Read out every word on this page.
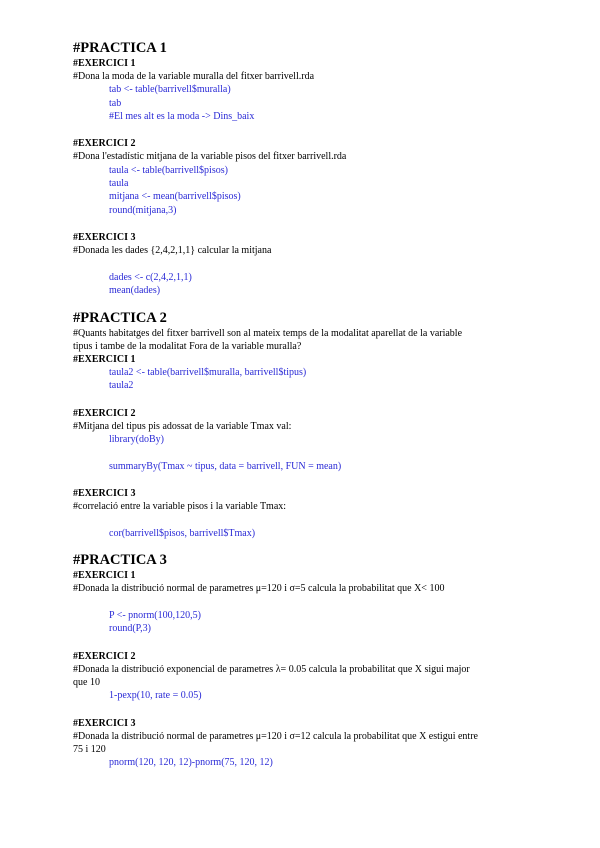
#PRACTICA 1

#EXERCICI 1

#Dona la moda de la variable muralla del fitxer barrivell.rda

tab <- table(barrivell$muralla)

tab

#El mes alt es la moda -> Dins_baix

#EXERCICI 2

#Dona l'estadístic mitjana de la variable pisos del fitxer barrivell.rda

taula <- table(barrivell$pisos)

taula

mitjana <- mean(barrivell$pisos)

round(mitjana,3)

#EXERCICI 3

#Donada les dades {2,4,2,1,1} calcular la mitjana

dades <- c(2,4,2,1,1)

mean(dades)

#PRACTICA 2

#Quants habitatges del fitxer barrivell son al mateix temps de la modalitat aparellat de la variable

tipus i tambe de la modalitat Fora de la variable muralla?

#EXERCICI 1

taula2 <- table(barrivell$muralla, barrivell$tipus)

taula2

#EXERCICI 2

#Mitjana del tipus pis adossat de la variable Tmax val:

library(doBy)

summaryBy(Tmax ~ tipus, data = barrivell, FUN = mean)

#EXERCICI 3

#correlació entre la variable pisos i la variable Tmax:

cor(barrivell$pisos, barrivell$Tmax)

#PRACTICA 3

#EXERCICI 1

#Donada la distribució normal de parametres μ=120 i σ=5 calcula la probabilitat que X< 100

P <- pnorm(100,120,5)

round(P,3)

#EXERCICI 2

#Donada la distribució exponencial de parametres λ= 0.05 calcula la probabilitat que X sigui major

que 10

1-pexp(10, rate = 0.05)

#EXERCICI 3

#Donada la distribució normal de parametres μ=120 i σ=12 calcula la probabilitat que X estigui entre

75 i 120

pnorm(120, 120, 12)-pnorm(75, 120, 12)
